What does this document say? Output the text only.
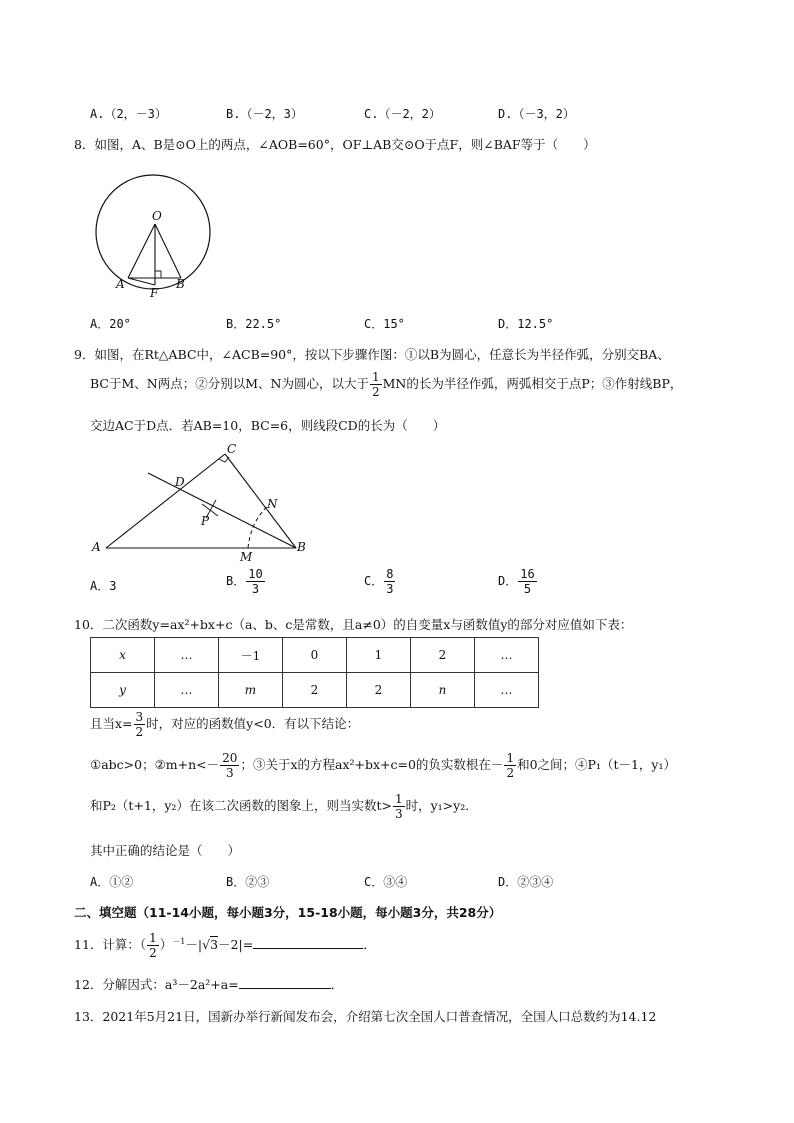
A.（2，－3）	B.（－2，3）	C.（－2，2）	D.（－3，2）
8．如图，A、B是⊙O上的两点，∠AOB=60°，OF⊥AB交⊙O于点F，则∠BAF等于（　　）
O
A
F
B
A．20°	B．22.5°	C．15°	D．12.5°
9．如图，在Rt△ABC中，∠ACB=90°，按以下步骤作图：①以B为圆心，任意长为半径作弧，分别交BA、
BC于M、N两点；②分别以M、N为圆心，以大于 $\frac{1}{2}$ MN的长为半径作弧，两弧相交于点P；③作射线BP，
交边AC于D点．若AB=10，BC=6，则线段CD的长为（　　）
C
D
N
P
A
M
B
A．3	B． $\frac{10}{3}$	C． $\frac{8}{3}$	D． $\frac{16}{5}$
10．二次函数y=ax²+bx+c（a、b、c是常数，且a≠0）的自变量x与函数值y的部分对应值如下表：
x	…	－1	0	1	2	…
y	…	m	2	2	n	…
且当$x= \frac{3}{2}$ 时，对应的函数值y<0．有以下结论：
①abc>0；②m+n<－ $\frac{20}{3}$ ；③关于x的方程ax²+bx+c=0的负实数根在－ $\frac{1}{2}$ 和0之间；④P₁（t－1，y₁）
和P₂（t+1，y₂）在该二次函数的图象上，则当实数$t> \frac{1}{3}$ 时，y₁>y₂．
其中正确的结论是（　　）
A．①②	B．②③	C．③④	D．②③④
二、填空题（11-14小题，每小题3分，15-18小题，每小题3分，共28分）
11．计算：（ $\frac{1}{2} )^{-1}-|√3-2|=$	．
12．分解因式：a³－2a²+a=	．
13．2021年5月21日，国新办举行新闻发布会，介绍第七次全国人口普查情况，全国人口总数约为14.12
